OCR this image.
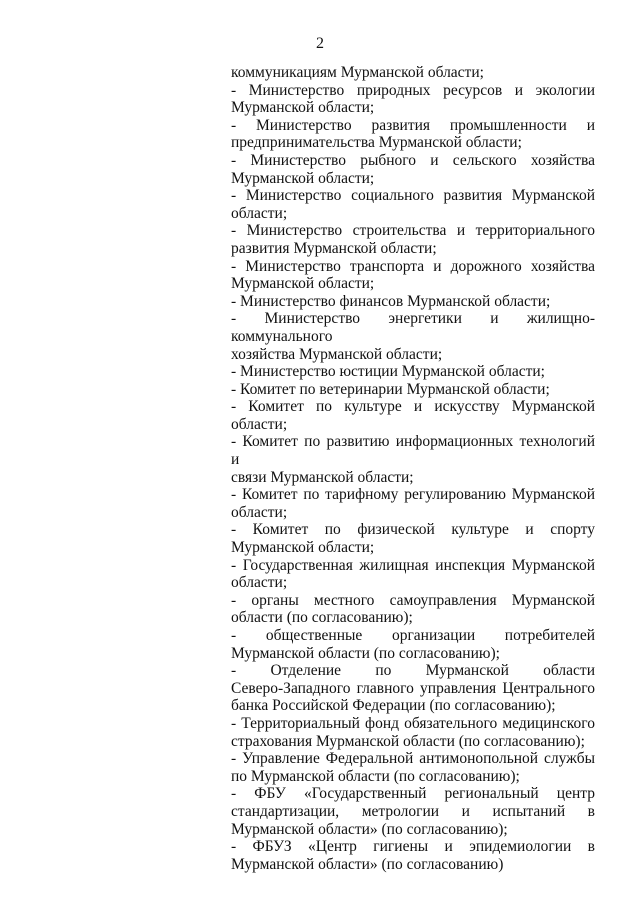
2
коммуникациям Мурманской области;
- Министерство природных ресурсов и экологии
Мурманской области;
- Министерство развития промышленности и
предпринимательства Мурманской области;
- Министерство рыбного и сельского хозяйства
Мурманской области;
- Министерство социального развития Мурманской
области;
- Министерство строительства и территориального
развития Мурманской области;
- Министерство транспорта и дорожного хозяйства
Мурманской области;
- Министерство финансов Мурманской области;
- Министерство энергетики и жилищно-коммунального
хозяйства Мурманской области;
- Министерство юстиции Мурманской области;
- Комитет по ветеринарии Мурманской области;
- Комитет по культуре и искусству Мурманской
области;
- Комитет по развитию информационных технологий и
связи Мурманской области;
- Комитет по тарифному регулированию Мурманской
области;
- Комитет по физической культуре и спорту
Мурманской области;
- Государственная жилищная инспекция Мурманской
области;
- органы местного самоуправления Мурманской
области (по согласованию);
- общественные организации потребителей
Мурманской области (по согласованию);
- Отделение по Мурманской области
Северо-Западного главного управления Центрального
банка Российской Федерации (по согласованию);
- Территориальный фонд обязательного медицинского
страхования Мурманской области (по согласованию);
- Управление Федеральной антимонопольной службы
по Мурманской области (по согласованию);
- ФБУ «Государственный региональный центр
стандартизации, метрологии и испытаний в
Мурманской области» (по согласованию);
- ФБУЗ «Центр гигиены и эпидемиологии в
Мурманской области» (по согласованию)
